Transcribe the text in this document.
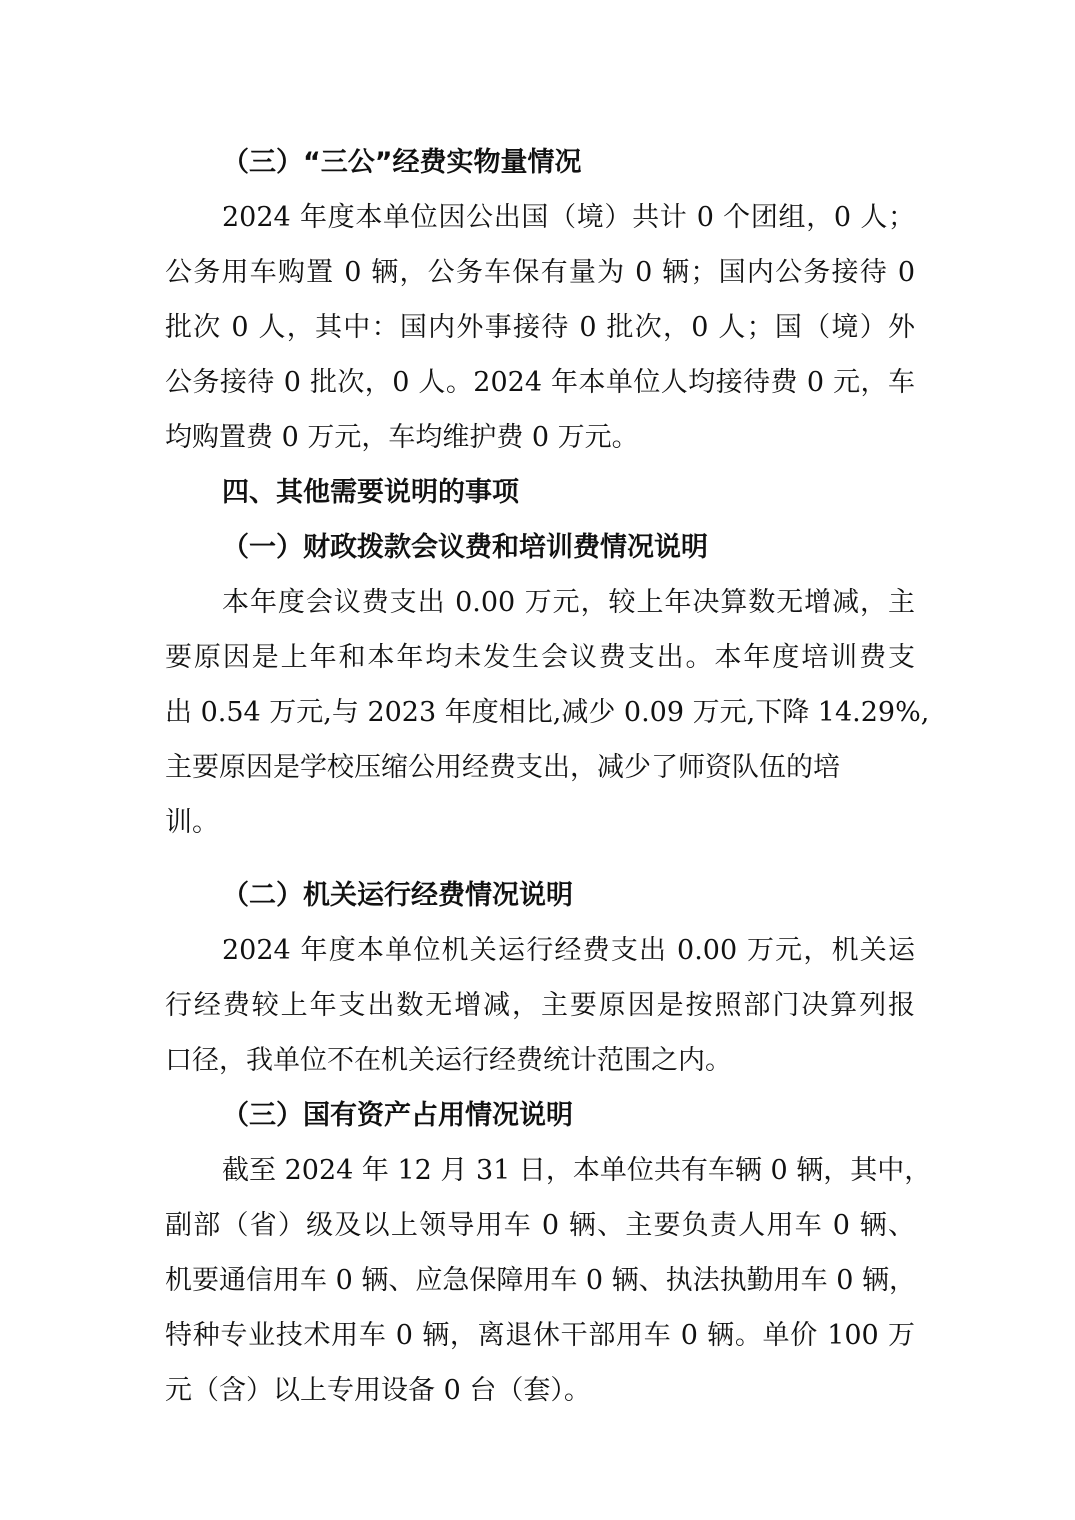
（三）“三公”经费实物量情况
2024 年度本单位因公出国（境）共计 0 个团组，0 人；
公务用车购置 0 辆，公务车保有量为 0 辆；国内公务接待 0
批次 0 人，其中：国内外事接待 0 批次，0 人；国（境）外
公务接待 0 批次，0 人。2024 年本单位人均接待费 0 元，车
均购置费 0 万元，车均维护费 0 万元。
四、其他需要说明的事项
（一）财政拨款会议费和培训费情况说明
本年度会议费支出 0.00 万元，较上年决算数无增减，主
要原因是上年和本年均未发生会议费支出。本年度培训费支
出 0.54 万元,与 2023 年度相比,减少 0.09 万元,下降 14.29%,
主要原因是学校压缩公用经费支出，减少了师资队伍的培
训。
（二）机关运行经费情况说明
2024 年度本单位机关运行经费支出 0.00 万元，机关运
行经费较上年支出数无增减，主要原因是按照部门决算列报
口径，我单位不在机关运行经费统计范围之内。
（三）国有资产占用情况说明
截至 2024 年 12 月 31 日，本单位共有车辆 0 辆，其中，
副部（省）级及以上领导用车 0 辆、主要负责人用车 0 辆、
机要通信用车 0 辆、应急保障用车 0 辆、执法执勤用车 0 辆，
特种专业技术用车 0 辆，离退休干部用车 0 辆。单价 100 万
元（含）以上专用设备 0 台（套）。
